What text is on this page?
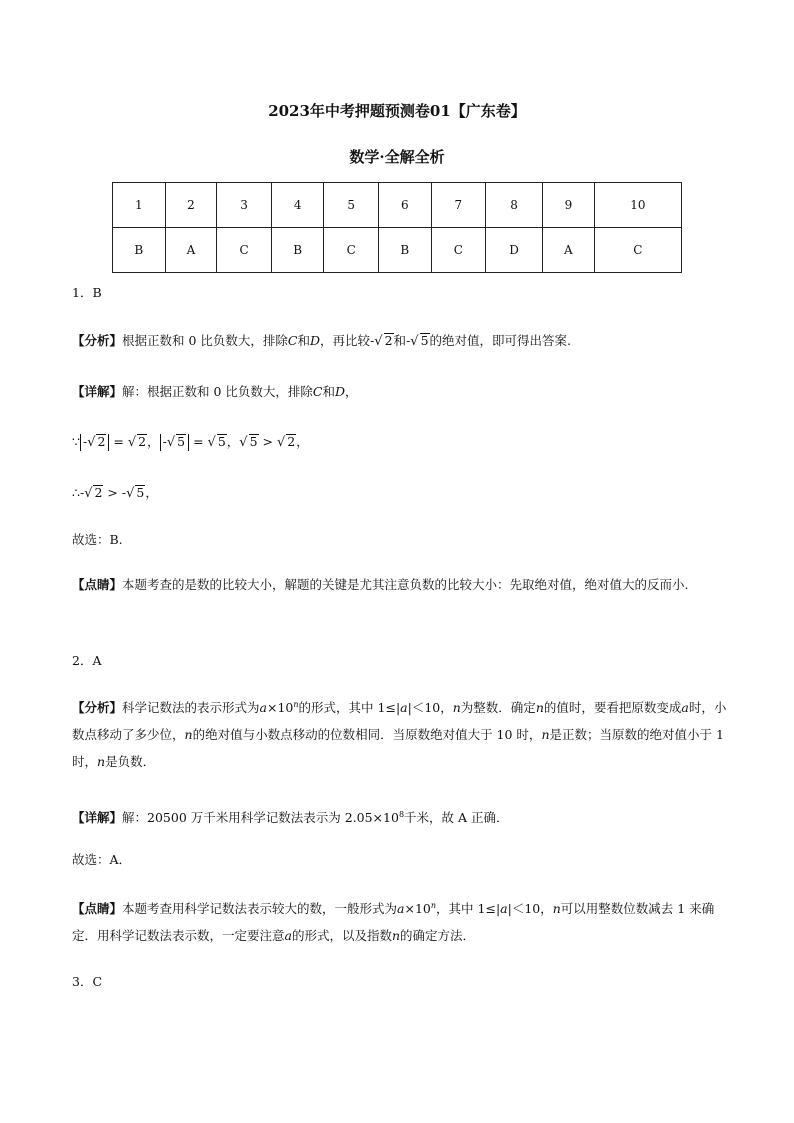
2023年中考押题预测卷01【广东卷】
数学·全解全析
1	2	3	4	5	6	7	8	9	10
B	A	C	B	C	B	C	D	A	C
1．B
【分析】根据正数和 0 比负数大，排除C和D，再比较-√ 2和-√ 5的绝对值，即可得出答案.
【详解】解：根据正数和 0 比负数大，排除C和D，
∵ -√ 2 = √ 2， -√ 5 = √ 5，√ 5 > √ 2，
∴-√ 2 > -√ 5，
故选：B.
【点睛】本题考查的是数的比较大小，解题的关键是尤其注意负数的比较大小：先取绝对值，绝对值大的反而小.
2．A
【分析】科学记数法的表示形式为$a\times 10^n$的形式，其中 1≤|a|＜10，n为整数．确定n的值时，要看把原数变成a时，小数点移动了多少位，n的绝对值与小数点移动的位数相同．当原数绝对值大于 10 时，n是正数；当原数的绝对值小于 1 时，n是负数．
【详解】解：20500 万千米用科学记数法表示为 $2.05\times 10^8$千米，故 A 正确．
故选：A．
【点睛】本题考查用科学记数法表示较大的数，一般形式为$a\times 10^n$，其中 1≤|a|＜10，n可以用整数位数减去 1 来确定．用科学记数法表示数，一定要注意a的形式，以及指数n的确定方法．
3．C
